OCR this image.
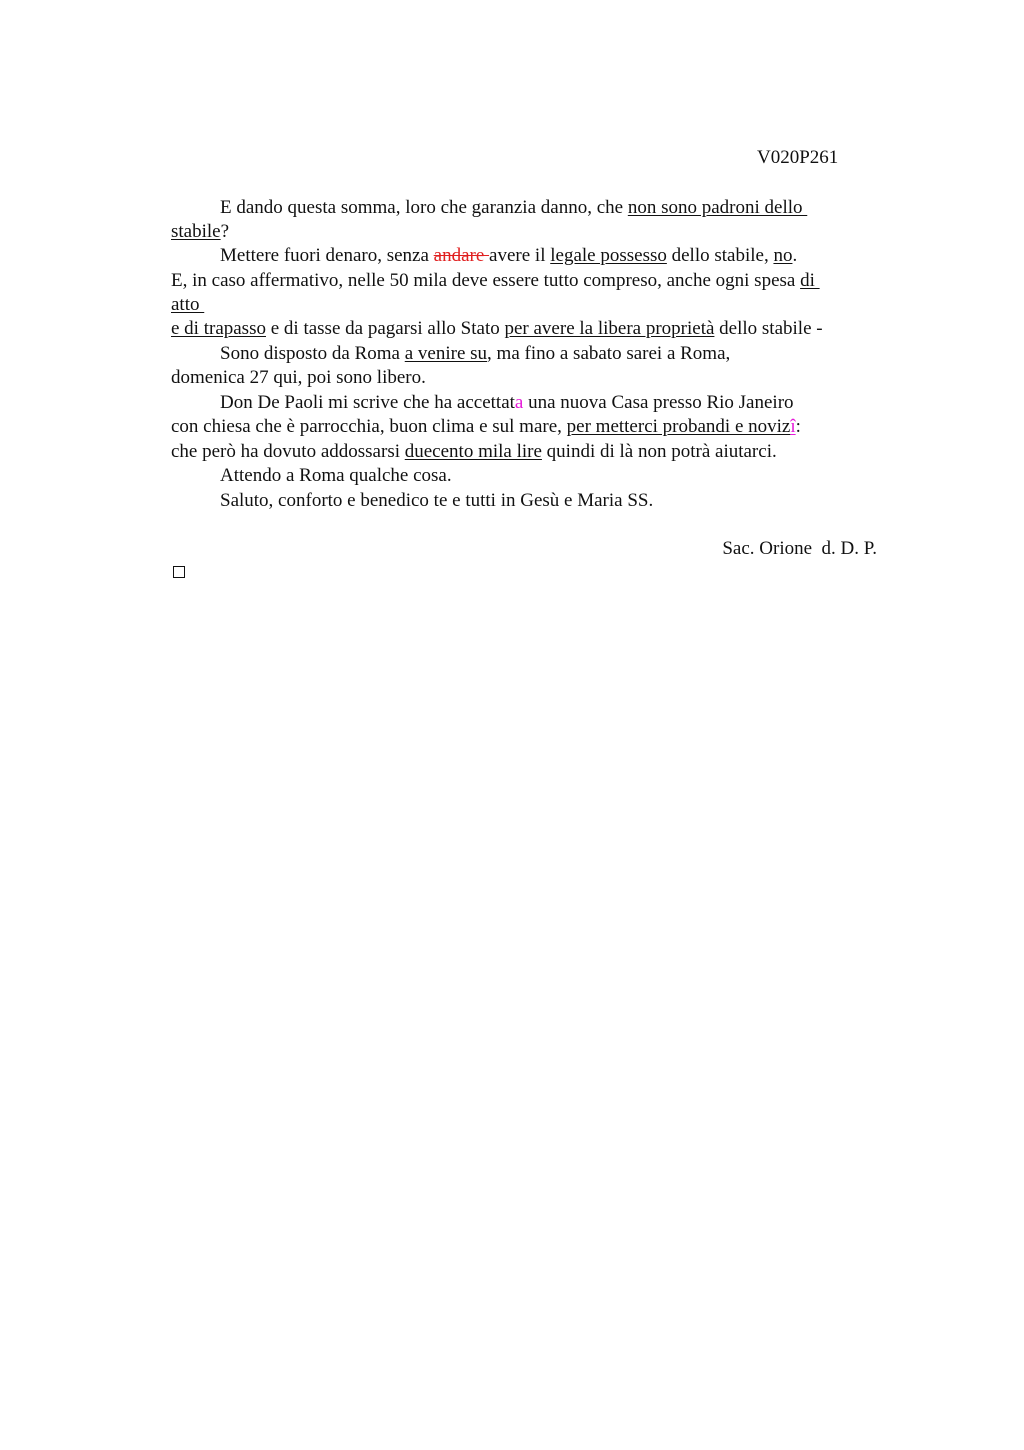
V020P261
E dando questa somma, loro che garanzia danno, che non sono padroni dello
stabile?
Mettere fuori denaro, senza andare avere il legale possesso dello stabile, no.
E, in caso affermativo, nelle 50 mila deve essere tutto compreso, anche ogni spesa di
atto
e di trapasso e di tasse da pagarsi allo Stato per avere la libera proprietà dello stabile -
Sono disposto da Roma a venire su, ma fino a sabato sarei a Roma,
domenica 27 qui, poi sono libero.
Don De Paoli mi scrive che ha accettata una nuova Casa presso Rio Janeiro
con chiesa che è parrocchia, buon clima e sul mare, per metterci probandi e novizî:
che però ha dovuto addossarsi duecento mila lire quindi di là non potrà aiutarci.
Attendo a Roma qualche cosa.
Saluto, conforto e benedico te e tutti in Gesù e Maria SS.
Sac. Orione  d. D. P.
